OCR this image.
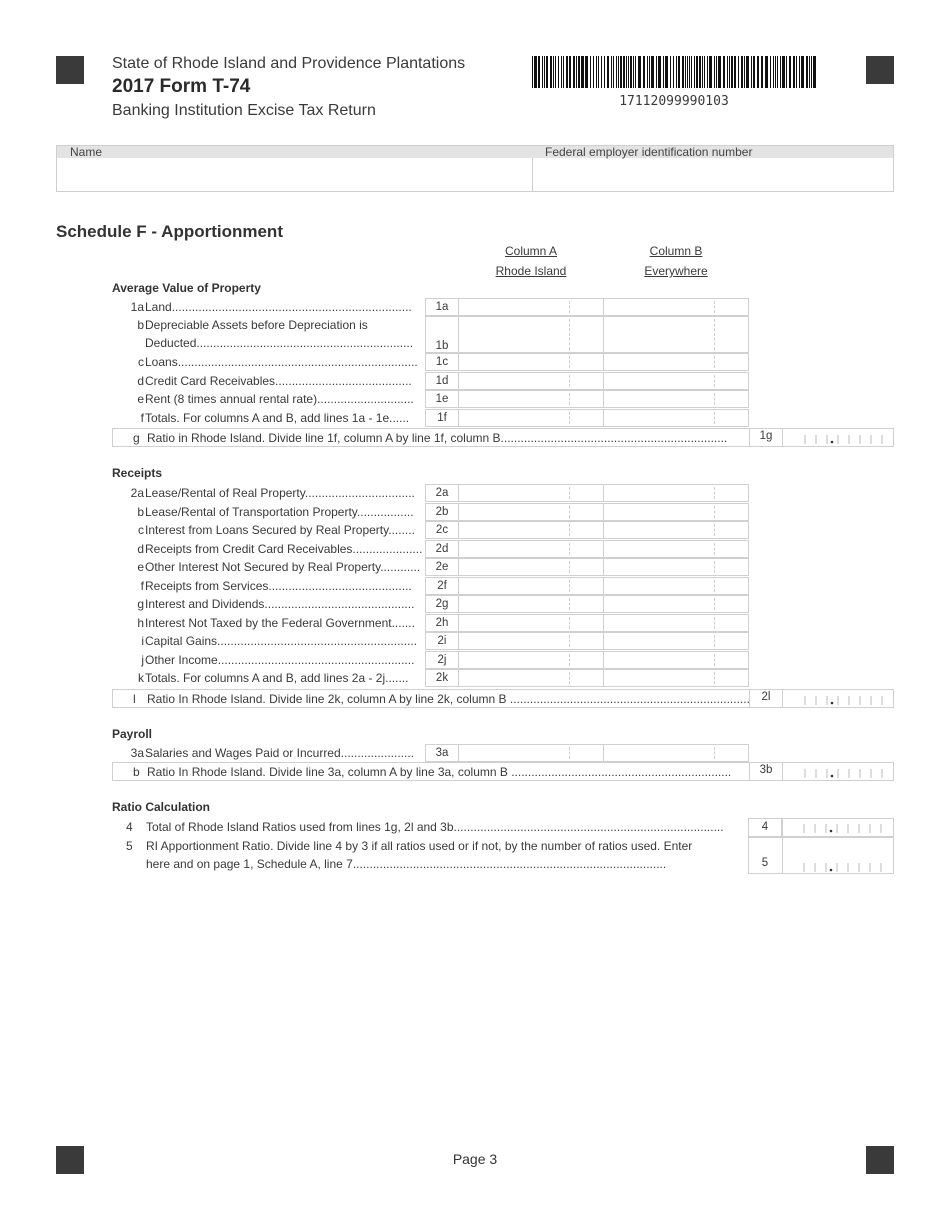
State of Rhode Island and Providence Plantations
2017 Form T-74
Banking Institution Excise Tax Return
17112099990103
Name	Federal employer identification number
Schedule F - Apportionment
Column A
Rhode Island
Column B
Everywhere
Average Value of Property
1a Land........................................................................	1a
b Depreciable Assets before Depreciation is
Deducted.................................................................	1b
c Loans........................................................................	1c
d Credit Card Receivables.........................................	1d
e Rent (8 times annual rental rate).............................	1e
f Totals. For columns A and B, add lines 1a - 1e......	1f
g Ratio in Rhode Island. Divide line 1f, column A by line 1f, column B....................................................................	1g
Receipts
2a Lease/Rental of Real Property.................................	2a
b Lease/Rental of Transportation Property.................	2b
c Interest from Loans Secured by Real Property........	2c
d Receipts from Credit Card Receivables.....................	2d
e Other Interest Not Secured by Real Property............	2e
f Receipts from Services...........................................	2f
g Interest and Dividends.............................................	2g
h Interest Not Taxed by the Federal Government.......	2h
i Capital Gains............................................................	2i
j Other Income...........................................................	2j
k Totals. For columns A and B, add lines 2a - 2j.......	2k
l Ratio In Rhode Island. Divide line 2k, column A by line 2k, column B ........................................................................	2l
Payroll
3a Salaries and Wages Paid or Incurred......................	3a
b Ratio In Rhode Island. Divide line 3a, column A by line 3a, column B ..................................................................	3b
Ratio Calculation
4 Total of Rhode Island Ratios used from lines 1g, 2l and 3b.................................................................................	4
5 RI Apportionment Ratio. Divide line 4 by 3 if all ratios used or if not, by the number of ratios used. Enter
here and on page 1, Schedule A, line 7..............................................................................................	5
Page 3
